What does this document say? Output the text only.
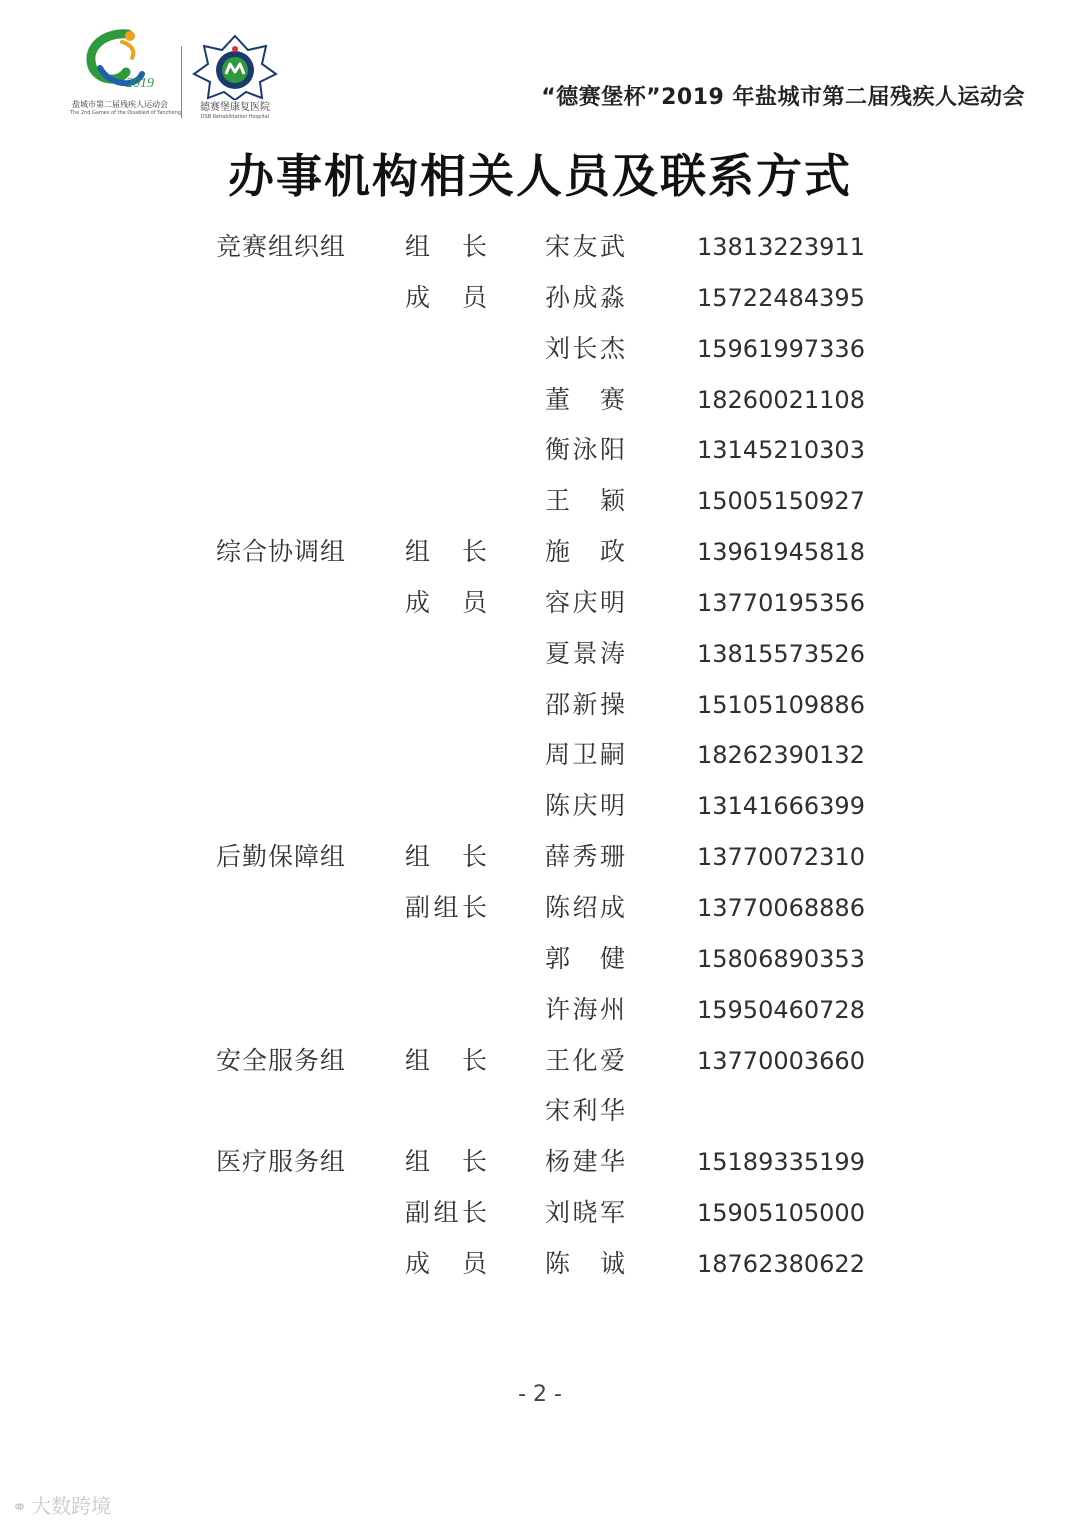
2019
盐城市第二届残疾人运动会
The 2nd Games of the Disabled of Yancheng	德赛堡康复医院
DSB Rehabilitation Hospital
“德赛堡杯”2019 年盐城市第二届残疾人运动会
办事机构相关人员及联系方式
竞赛组织组 组 长 宋友武	13813223911
成 员 孙成淼	15722484395
刘长杰	15961997336
董 赛	18260021108
衡泳阳	13145210303
王 颖	15005150927
综合协调组 组 长 施 政	13961945818
成 员 容庆明	13770195356
夏景涛	13815573526
邵新操	15105109886
周卫嗣	18262390132
陈庆明	13141666399
后勤保障组 组 长 薛秀珊	13770072310
副组长 陈绍成	13770068886
郭 健	15806890353
许海州	15950460728
安全服务组 组 长 王化爱	13770003660
宋利华
医疗服务组 组 长 杨建华	15189335199
副组长 刘晓军	15905105000
成 员 陈 诚	18762380622
- 2 -
⚭ 大数跨境
